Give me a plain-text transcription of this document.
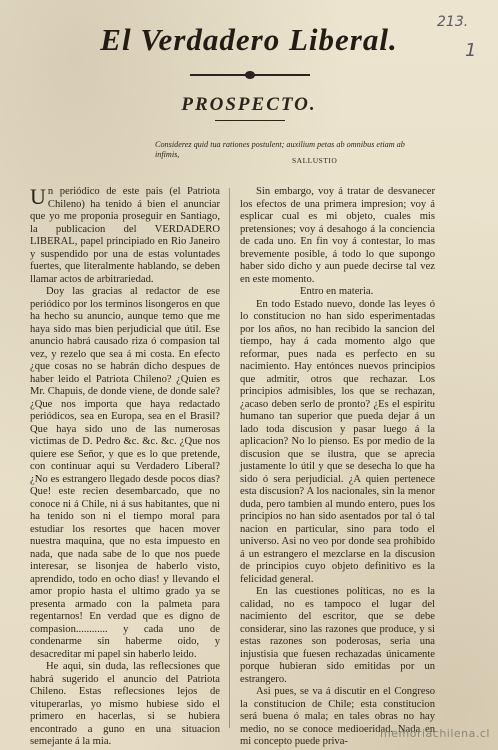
213.
1
El Verdadero Liberal.
PROSPECTO.
Considerez quid tua rationes postulent; auxilium petas ab omnibus etiam ab infimis,
SALLUSTIO

Un periódico de este pais (el Patriota Chileno) ha tenido á bien el anunciar que yo me proponia proseguir en Santiago, la publicacion del VERDADERO LIBERAL, papel principiado en Rio Janeiro y suspendido por una de estas voluntades fuertes, que literalmente hablando, se deben llamar actos de arbitrariedad.

Doy las gracias al redactor de ese periódico por los terminos lisongeros en que ha hecho su anuncio, aunque temo que me haya sido mas bien perjudicial que útil. Ese anuncio habrá causado riza ó compasion tal vez, y rezelo que sea á mi costa. En efecto ¿que cosas no se habrán dicho despues de haber leido el Patriota Chileno? ¿Quien es Mr. Chapuis, de donde viene, de donde sale? ¿Que nos importa que haya redactado periódicos, sea en Europa, sea en el Brasil? Que haya sido uno de las numerosas victimas de D. Pedro &c. &c. &c. ¿Que nos quiere ese Señor, y que es lo que pretende, con continuar aqui su Verdadero Liberal? ¿No es estrangero llegado desde pocos dias? Que! este recien desembarcado, que no conoce ni á Chile, ni á sus habitantes, que ni ha tenido son ni el tiempo moral para estudiar los resortes que hacen mover nuestra maquina, que no esta impuesto en nada, que nada sabe de lo que nos puede interesar, se lisonjea de haberlo visto, aprendido, todo en ocho dias! y llevando el amor propio hasta el ultimo grado ya se presenta armado con la palmeta para regentarnos! En verdad que es digno de compasion............ y cada uno de condenarme sin haberme oido, y desacreditar mi papel sin haberlo leido.

He aqui, sin duda, las reflecsiones que habrá sugerido el anuncio del Patriota Chileno. Estas reflecsiones lejos de vituperarlas, yo mismo hubiese sido el primero en hacerlas, si se hubiera encontrado a guno en una situacion semejante á la mia.

Sin embargo, voy á tratar de desvanecer los efectos de una primera impresion; voy á esplicar cual es mi objeto, cuales mis pretensiones; voy á desahogo á la conciencia de cada uno. En fin voy á contestar, lo mas brevemente posible, á todo lo que supongo haber sido dicho y aun puede decirse tal vez en este momento.

Entro en materia.

En todo Estado nuevo, donde las leyes ó lo constitucion no han sido esperimentadas por los años, no han recibido la sancion del tiempo, hay á cada momento algo que reformar, pues nada es perfecto en su nacimiento. Hay entónces nuevos principios que admitir, otros que rechazar. Los principios admisibles, los que se rechazan, ¿acaso deben serlo de pronto? ¿Es el espiritu humano tan superior que pueda dejar á un lado toda discusion y pasar luego á la aplicacion? No lo pienso. Es por medio de la discusion que se ilustra, que se aprecia justamente lo útil y que se desecha lo que ha sido ó sera perjudicial. ¿A quien pertenece esta discusion? A los nacionales, sin la menor duda, pero tambien al mundo entero, pues los principios no han sido asentados por tal ó tal nacion en particular, sino para todo el universo. Asi no veo por donde sea prohibido á un estrangero el mezclarse en la discusion de principios cuyo objeto definitivo es la felicidad general.

En las cuestiones políticas, no es la calidad, no es tampoco el lugar del nacimiento del escritor, que se debe considerar, sino las razones que produce, y si estas razones son poderosas, seria una injustisia que fuesen rechazadas únicamente porque hubieran sido emitidas por un estrangero.

Asi pues, se va á discutir en el Congreso la constitucion de Chile; esta constitucion será buena ó mala; en tales obras no hay medio, no se conoce medioeridad. Nada en mi concepto puede priva-

memoriachilena.cl
